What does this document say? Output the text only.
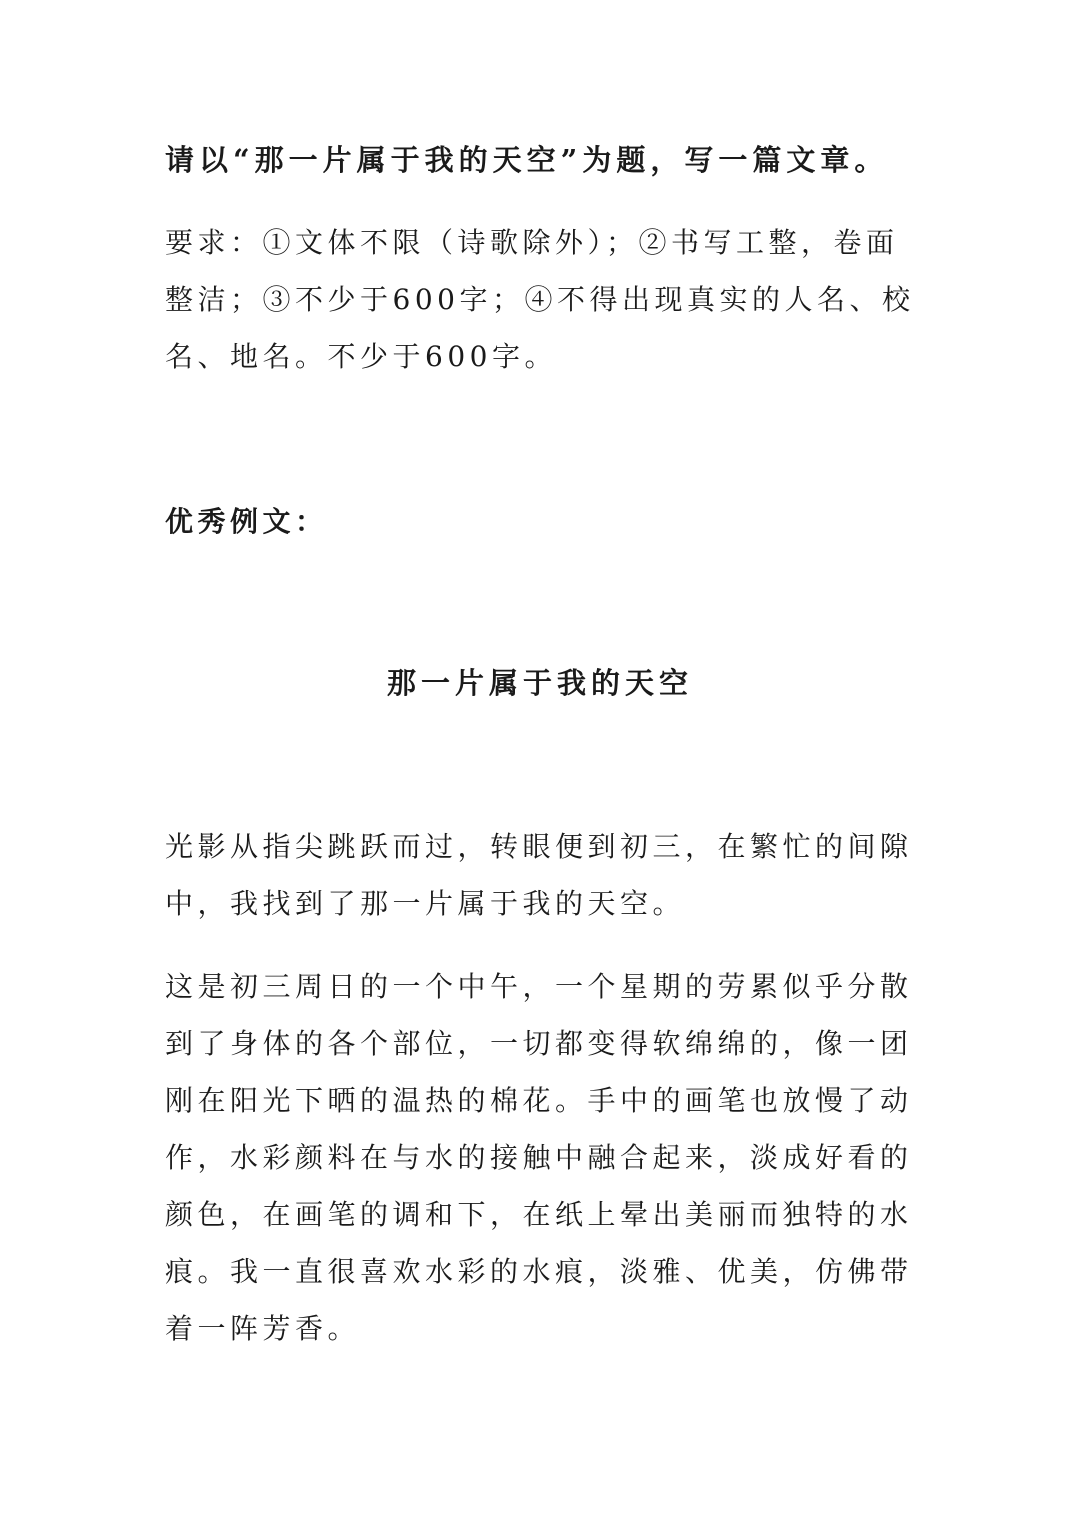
请以“那一片属于我的天空”为题，写一篇文章。

要求：①文体不限（诗歌除外）；②书写工整，卷面整洁；③不少于600字；④不得出现真实的人名、校名、地名。不少于600字。

优秀例文：

那一片属于我的天空

光影从指尖跳跃而过，转眼便到初三，在繁忙的间隙中，我找到了那一片属于我的天空。

这是初三周日的一个中午，一个星期的劳累似乎分散到了身体的各个部位，一切都变得软绵绵的，像一团刚在阳光下晒的温热的棉花。手中的画笔也放慢了动作，水彩颜料在与水的接触中融合起来，淡成好看的颜色，在画笔的调和下，在纸上晕出美丽而独特的水痕。我一直很喜欢水彩的水痕，淡雅、优美，仿佛带着一阵芳香。
